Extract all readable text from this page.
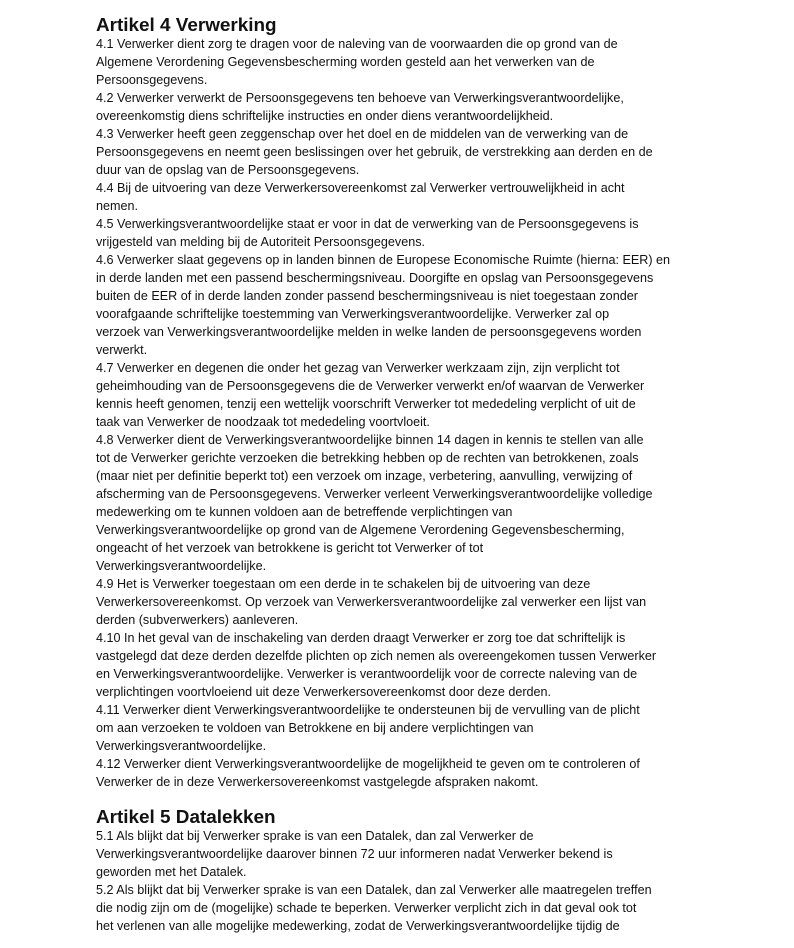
Artikel 4 Verwerking

4.1 Verwerker dient zorg te dragen voor de naleving van de voorwaarden die op grond van de
Algemene Verordening Gegevensbescherming worden gesteld aan het verwerken van de
Persoonsgegevens.

4.2 Verwerker verwerkt de Persoonsgegevens ten behoeve van Verwerkingsverantwoordelijke,
overeenkomstig diens schriftelijke instructies en onder diens verantwoordelijkheid.

4.3 Verwerker heeft geen zeggenschap over het doel en de middelen van de verwerking van de
Persoonsgegevens en neemt geen beslissingen over het gebruik, de verstrekking aan derden en de
duur van de opslag van de Persoonsgegevens.

4.4 Bij de uitvoering van deze Verwerkersovereenkomst zal Verwerker vertrouwelijkheid in acht
nemen.

4.5 Verwerkingsverantwoordelijke staat er voor in dat de verwerking van de Persoonsgegevens is
vrijgesteld van melding bij de Autoriteit Persoonsgegevens.

4.6 Verwerker slaat gegevens op in landen binnen de Europese Economische Ruimte (hierna: EER) en
in derde landen met een passend beschermingsniveau. Doorgifte en opslag van Persoonsgegevens
buiten de EER of in derde landen zonder passend beschermingsniveau is niet toegestaan zonder
voorafgaande schriftelijke toestemming van Verwerkingsverantwoordelijke. Verwerker zal op
verzoek van Verwerkingsverantwoordelijke melden in welke landen de persoonsgegevens worden
verwerkt.

4.7 Verwerker en degenen die onder het gezag van Verwerker werkzaam zijn, zijn verplicht tot
geheimhouding van de Persoonsgegevens die de Verwerker verwerkt en/of waarvan de Verwerker
kennis heeft genomen, tenzij een wettelijk voorschrift Verwerker tot mededeling verplicht of uit de
taak van Verwerker de noodzaak tot mededeling voortvloeit.

4.8 Verwerker dient de Verwerkingsverantwoordelijke binnen 14 dagen in kennis te stellen van alle
tot de Verwerker gerichte verzoeken die betrekking hebben op de rechten van betrokkenen, zoals
(maar niet per definitie beperkt tot) een verzoek om inzage, verbetering, aanvulling, verwijzing of
afscherming van de Persoonsgegevens. Verwerker verleent Verwerkingsverantwoordelijke volledige
medewerking om te kunnen voldoen aan de betreffende verplichtingen van
Verwerkingsverantwoordelijke op grond van de Algemene Verordening Gegevensbescherming,
ongeacht of het verzoek van betrokkene is gericht tot Verwerker of tot
Verwerkingsverantwoordelijke.

4.9 Het is Verwerker toegestaan om een derde in te schakelen bij de uitvoering van deze
Verwerkersovereenkomst. Op verzoek van Verwerkersverantwoordelijke zal verwerker een lijst van
derden (subverwerkers) aanleveren.

4.10 In het geval van de inschakeling van derden draagt Verwerker er zorg toe dat schriftelijk is
vastgelegd dat deze derden dezelfde plichten op zich nemen als overeengekomen tussen Verwerker
en Verwerkingsverantwoordelijke. Verwerker is verantwoordelijk voor de correcte naleving van de
verplichtingen voortvloeiend uit deze Verwerkersovereenkomst door deze derden.

4.11 Verwerker dient Verwerkingsverantwoordelijke te ondersteunen bij de vervulling van de plicht
om aan verzoeken te voldoen van Betrokkene en bij andere verplichtingen van
Verwerkingsverantwoordelijke.

4.12 Verwerker dient Verwerkingsverantwoordelijke de mogelijkheid te geven om te controleren of
Verwerker de in deze Verwerkersovereenkomst vastgelegde afspraken nakomt.

Artikel 5 Datalekken

5.1 Als blijkt dat bij Verwerker sprake is van een Datalek, dan zal Verwerker de
Verwerkingsverantwoordelijke daarover binnen 72 uur informeren nadat Verwerker bekend is
geworden met het Datalek.

5.2 Als blijkt dat bij Verwerker sprake is van een Datalek, dan zal Verwerker alle maatregelen treffen
die nodig zijn om de (mogelijke) schade te beperken. Verwerker verplicht zich in dat geval ook tot
het verlenen van alle mogelijke medewerking, zodat de Verwerkingsverantwoordelijke tijdig de
